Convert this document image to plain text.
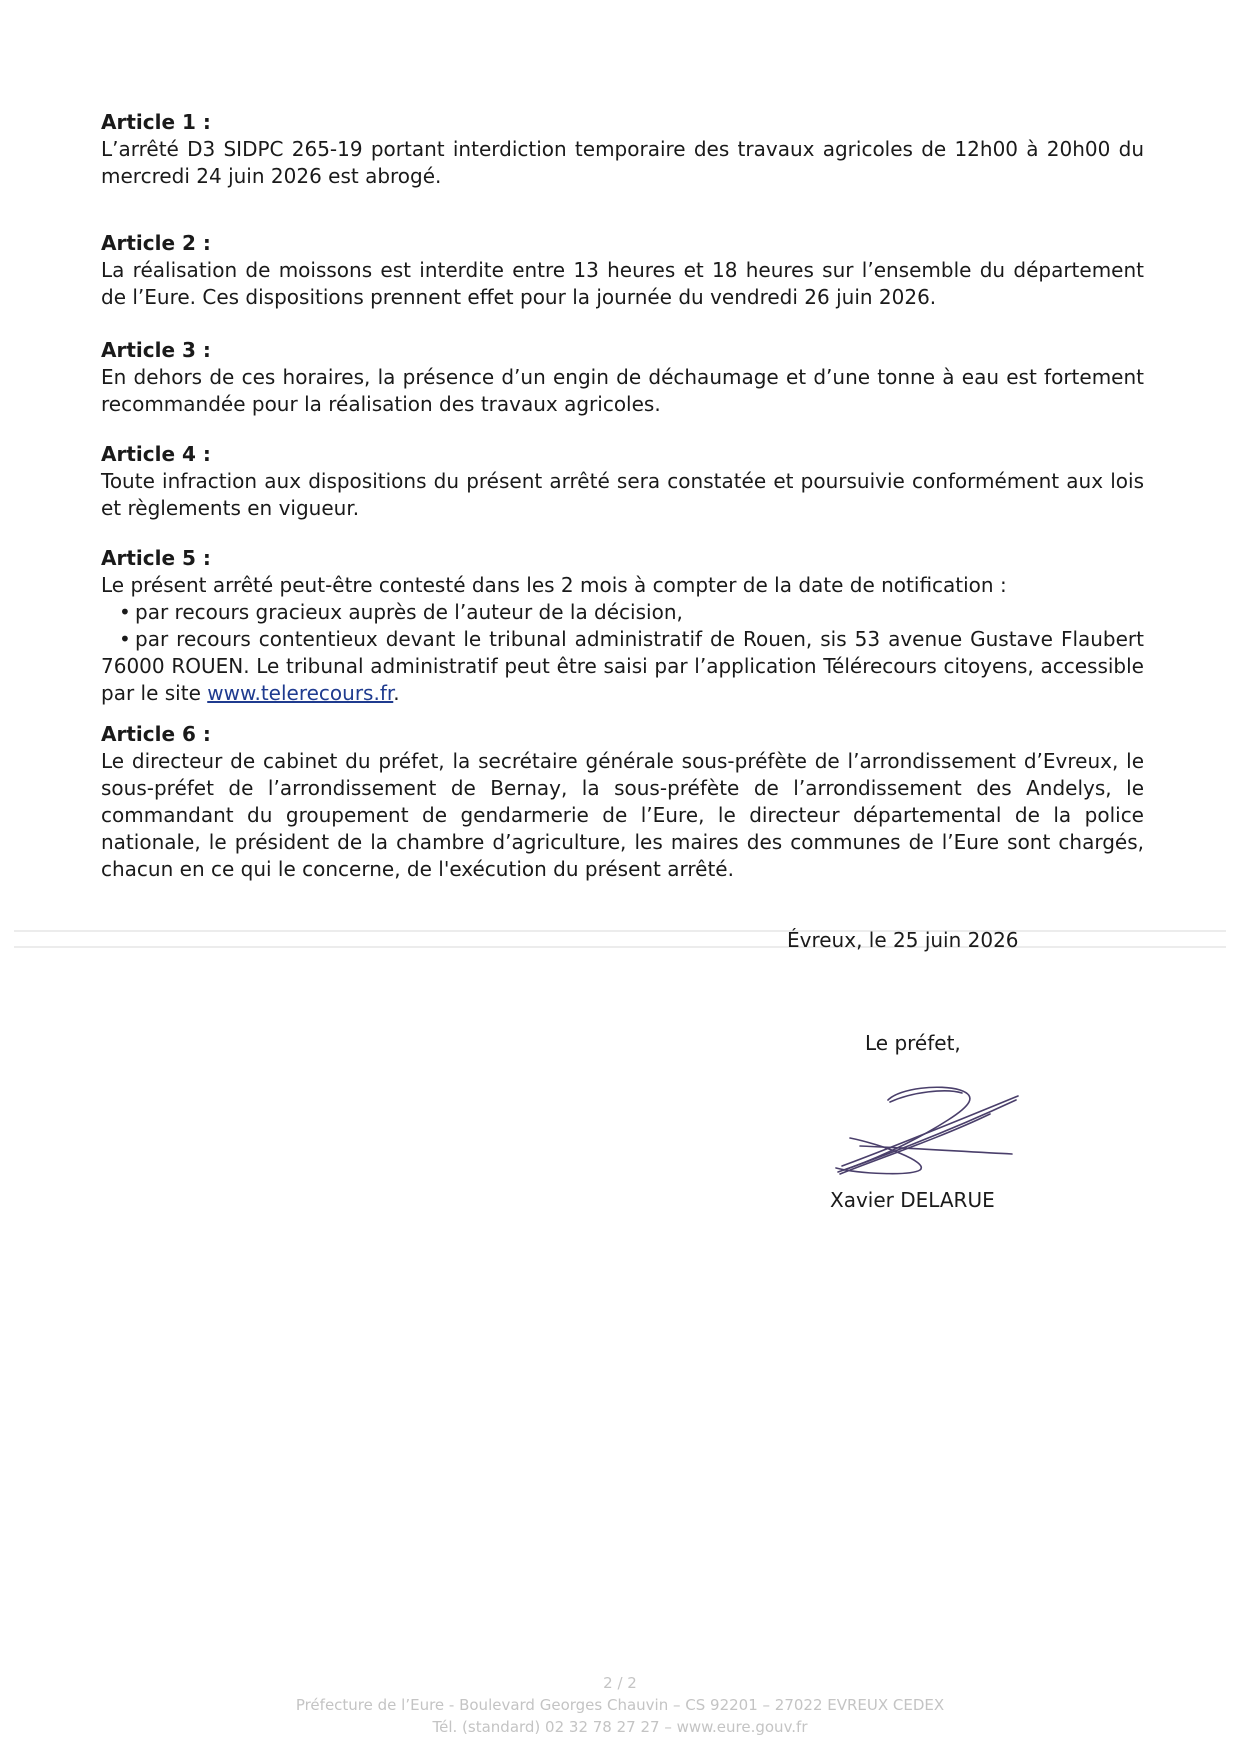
Article 1 :

L’arrêté D3 SIDPC 265-19 portant interdiction temporaire des travaux agricoles de 12h00 à 20h00 du mercredi 24 juin 2026 est abrogé.

Article 2 :

La réalisation de moissons est interdite entre 13 heures et 18 heures sur l’ensemble du département de l’Eure. Ces dispositions prennent effet pour la journée du vendredi 26 juin 2026.

Article 3 :

En dehors de ces horaires, la présence d’un engin de déchaumage et d’une tonne à eau est fortement recommandée pour la réalisation des travaux agricoles.

Article 4 :

Toute infraction aux dispositions du présent arrêté sera constatée et poursuivie conformément aux lois et règlements en vigueur.

Article 5 :

Le présent arrêté peut-être contesté dans les 2 mois à compter de la date de notification :

• par recours gracieux auprès de l’auteur de la décision,

• par recours contentieux devant le tribunal administratif de Rouen, sis 53 avenue Gustave Flaubert 76000 ROUEN. Le tribunal administratif peut être saisi par l’application Télérecours citoyens, accessible par le site www.telerecours.fr.

Article 6 :

Le directeur de cabinet du préfet, la secrétaire générale sous-préfète de l’arrondissement d’Evreux, le sous-préfet de l’arrondissement de Bernay, la sous-préfète de l’arrondissement des Andelys, le commandant du groupement de gendarmerie de l’Eure, le directeur départemental de la police nationale, le président de la chambre d’agriculture, les maires des communes de l’Eure sont chargés, chacun en ce qui le concerne, de l'exécution du présent arrêté.

Évreux, le 25 juin 2026
Le préfet,
Xavier DELARUE

2 / 2

Préfecture de l’Eure - Boulevard Georges Chauvin – CS 92201 – 27022 EVREUX CEDEX

Tél. (standard) 02 32 78 27 27 – www.eure.gouv.fr
